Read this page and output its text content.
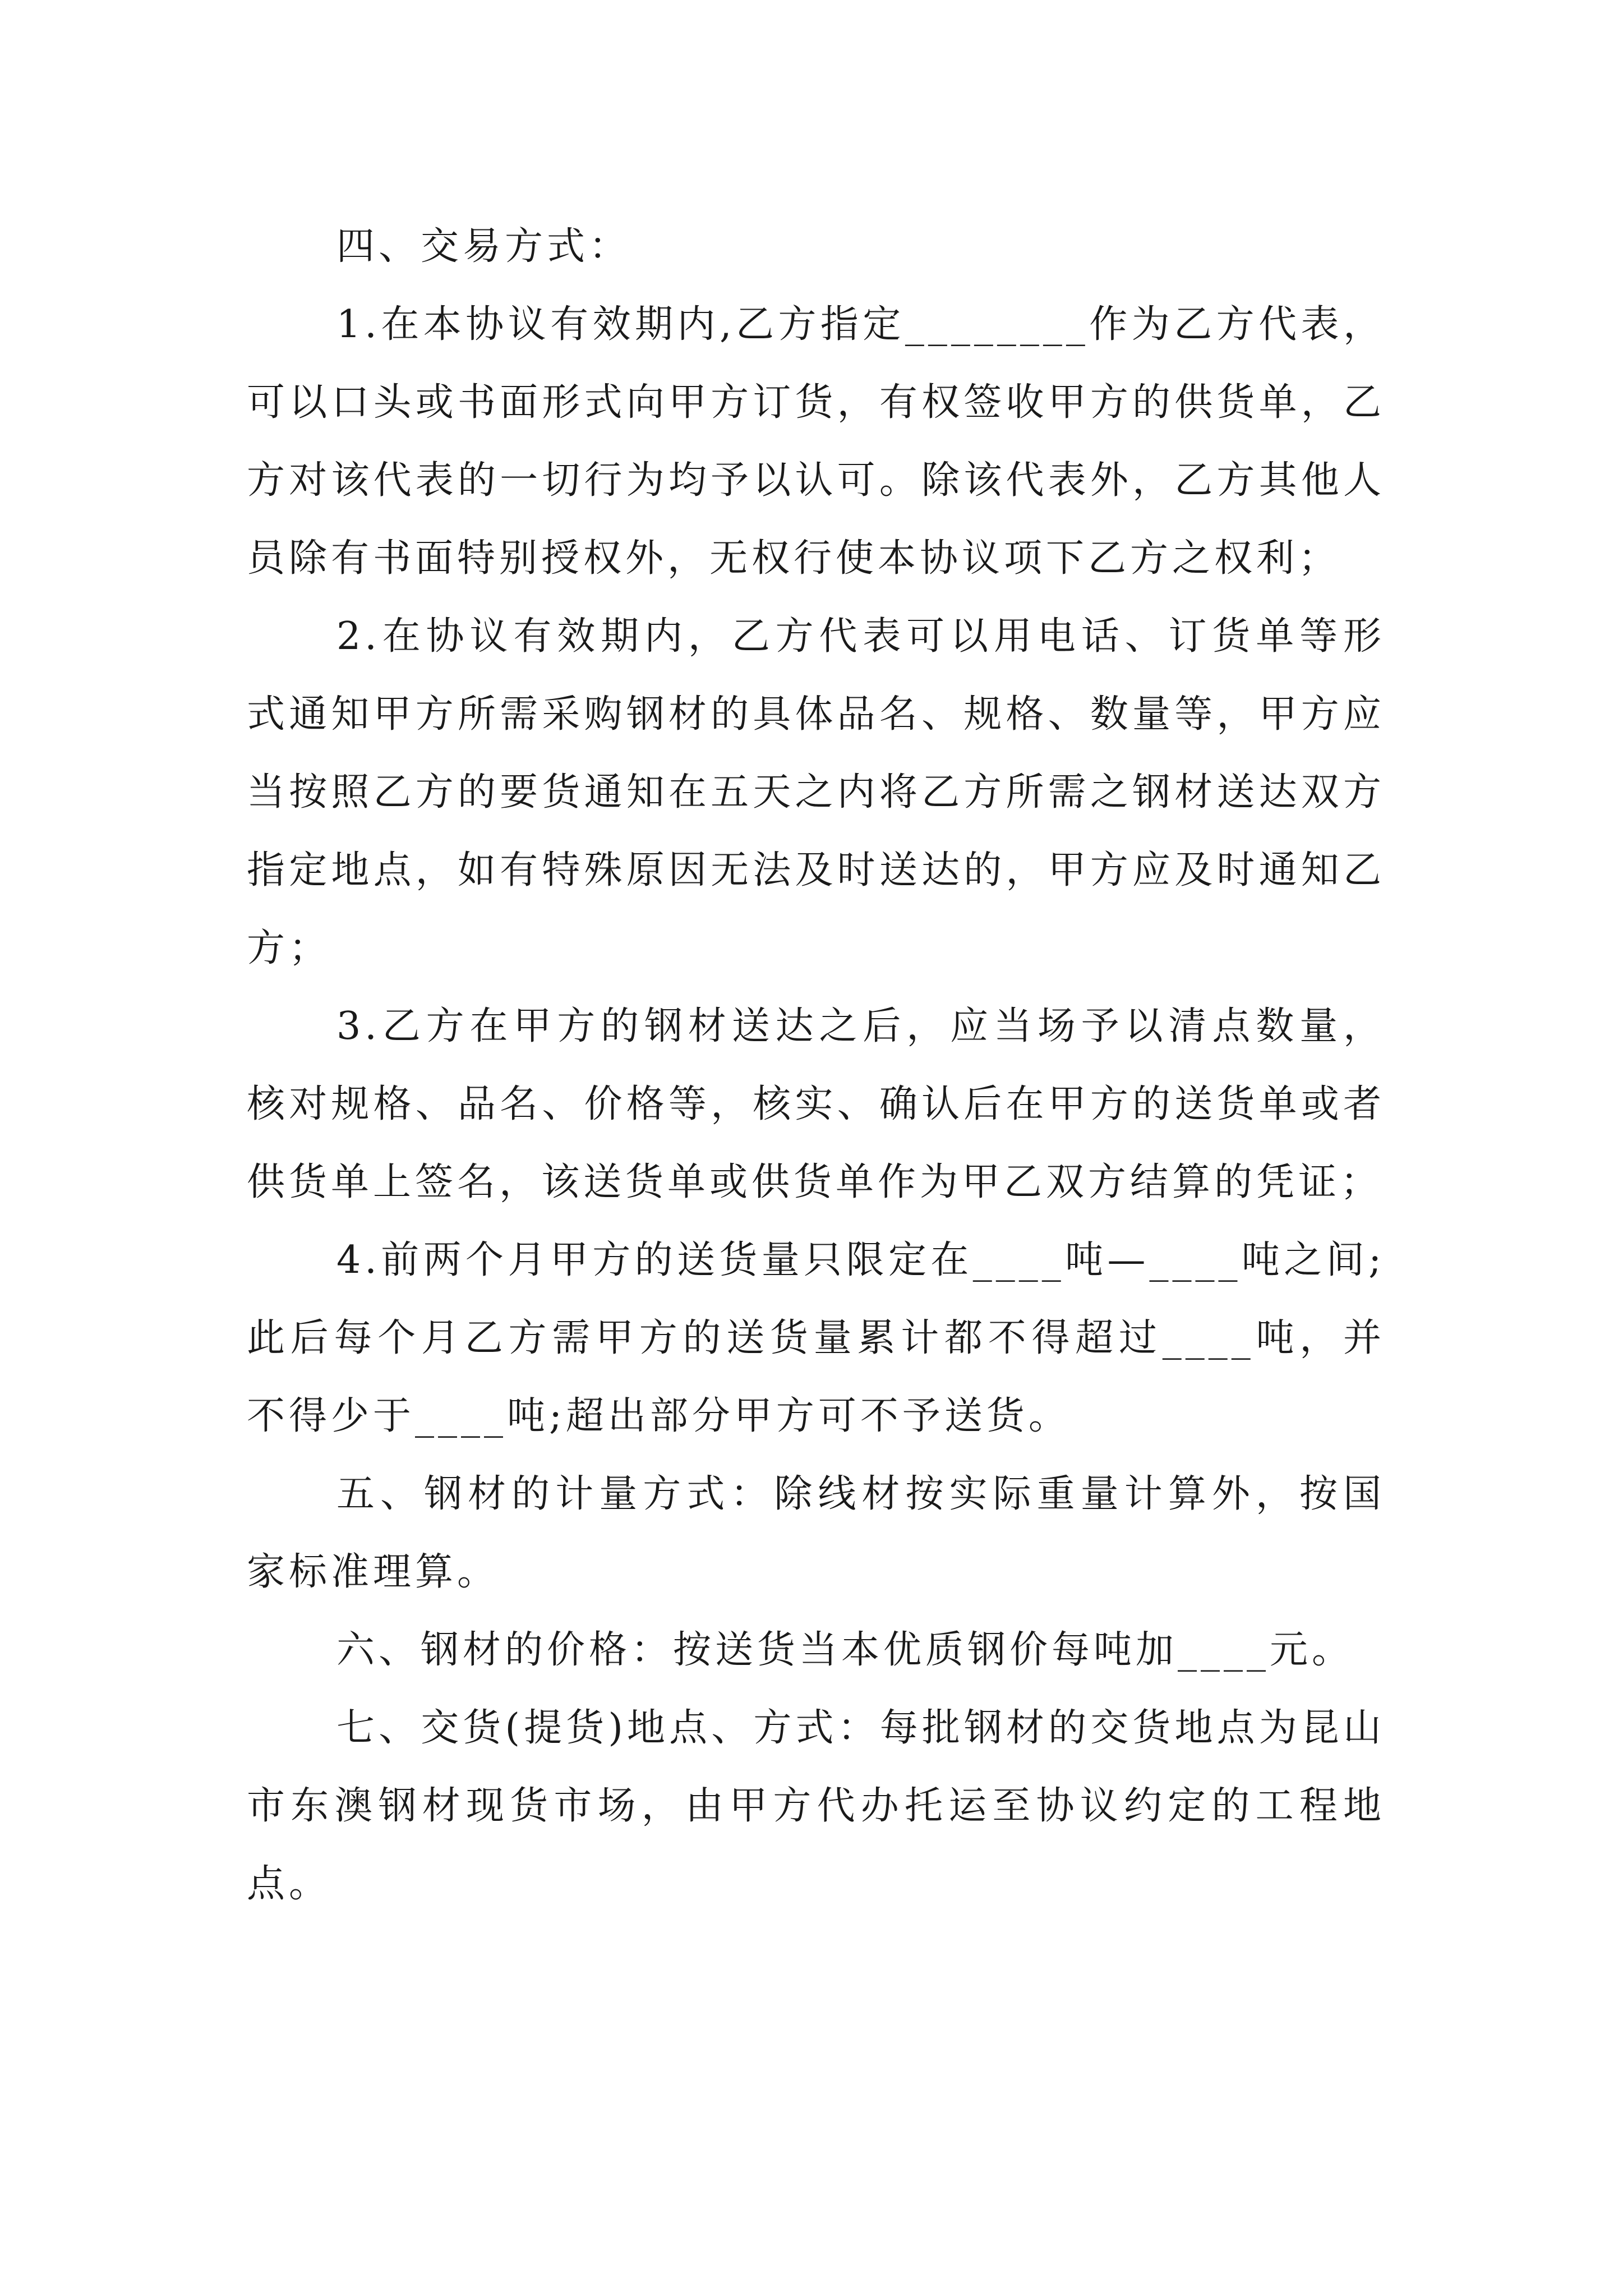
四、交易方式：

1.在本协议有效期内,乙方指定________作为乙方代表，可以口头或书面形式向甲方订货，有权签收甲方的供货单，乙方对该代表的一切行为均予以认可。除该代表外，乙方其他人员除有书面特别授权外，无权行使本协议项下乙方之权利；

2.在协议有效期内，乙方代表可以用电话、订货单等形式通知甲方所需采购钢材的具体品名、规格、数量等，甲方应当按照乙方的要货通知在五天之内将乙方所需之钢材送达双方指定地点，如有特殊原因无法及时送达的，甲方应及时通知乙方；

3.乙方在甲方的钢材送达之后，应当场予以清点数量，核对规格、品名、价格等，核实、确认后在甲方的送货单或者供货单上签名，该送货单或供货单作为甲乙双方结算的凭证；

4.前两个月甲方的送货量只限定在____吨—____吨之间;此后每个月乙方需甲方的送货量累计都不得超过____吨，并不得少于____吨;超出部分甲方可不予送货。

五、钢材的计量方式：除线材按实际重量计算外，按国家标准理算。

六、钢材的价格：按送货当本优质钢价每吨加____元。

七、交货(提货)地点、方式：每批钢材的交货地点为昆山市东澳钢材现货市场，由甲方代办托运至协议约定的工程地点。
